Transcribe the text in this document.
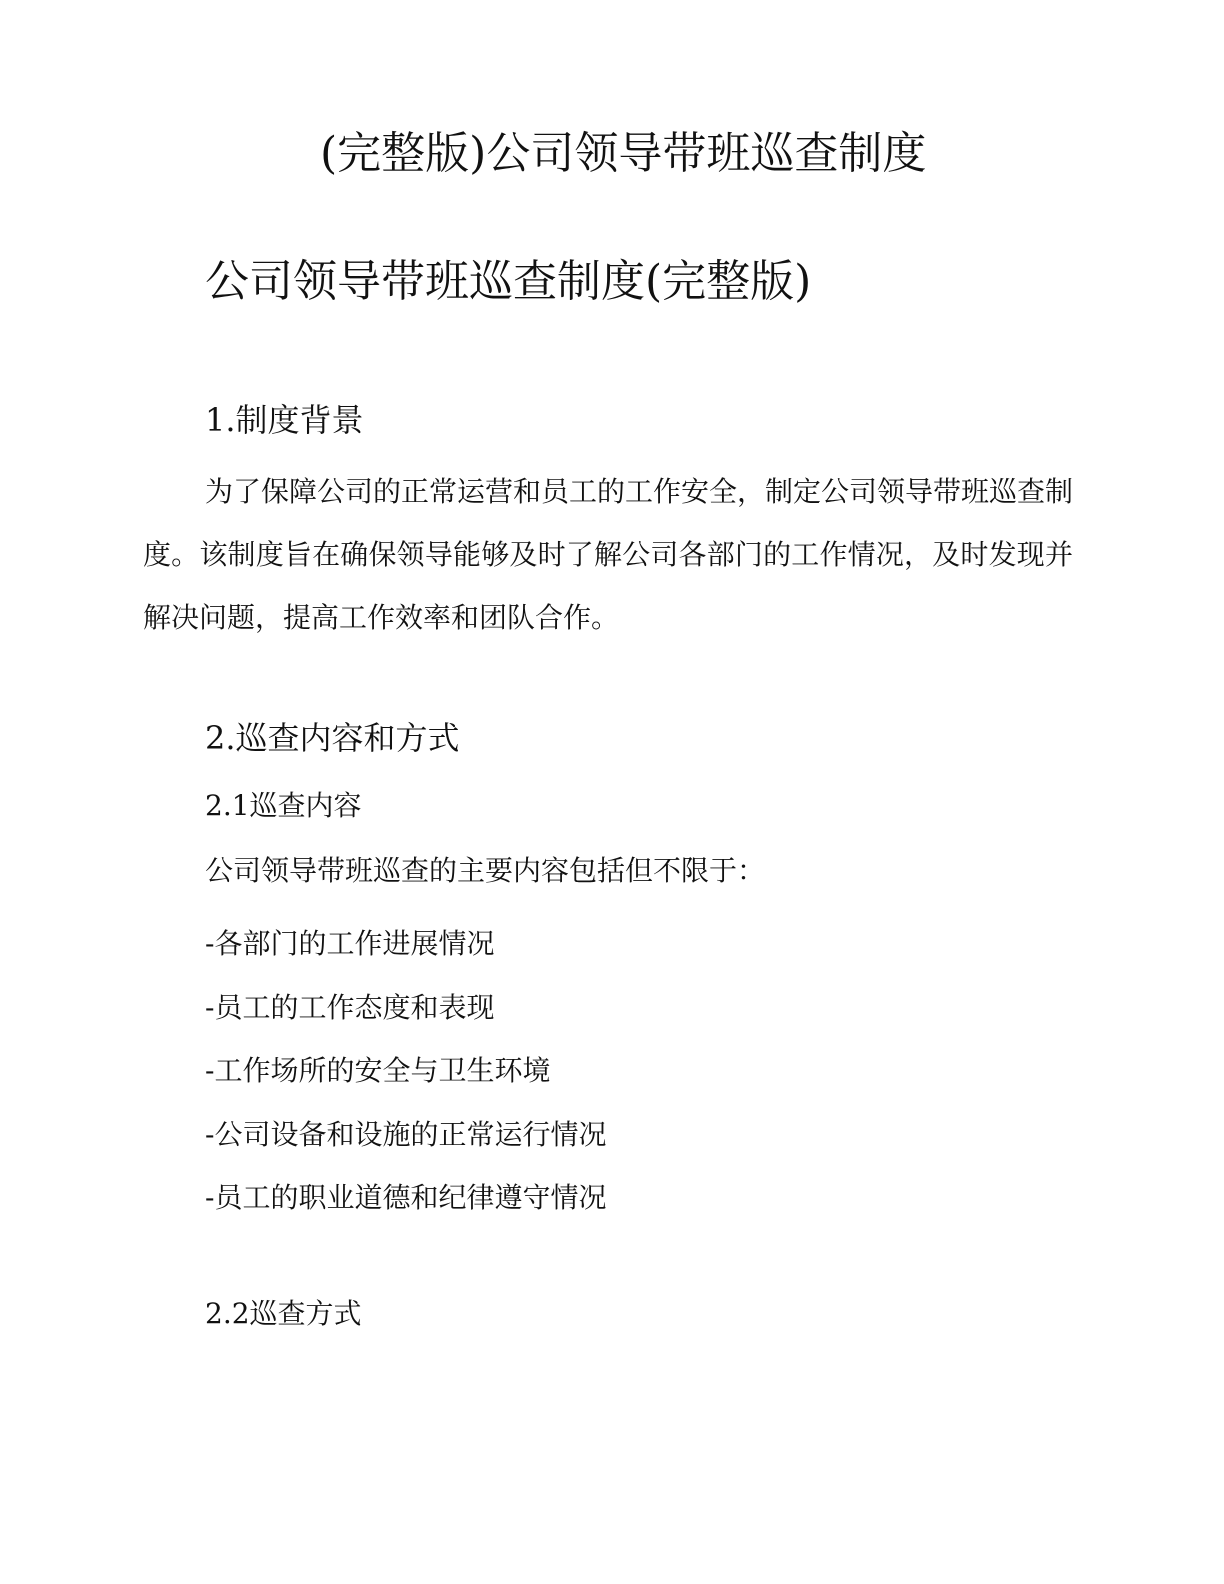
(完整版)公司领导带班巡查制度
公司领导带班巡查制度(完整版)
1.制度背景

为了保障公司的正常运营和员工的工作安全，制定公司领导带班巡查制度。该制度旨在确保领导能够及时了解公司各部门的工作情况，及时发现并解决问题，提高工作效率和团队合作。

2.巡查内容和方式
2.1巡查内容

公司领导带班巡查的主要内容包括但不限于：

-各部门的工作进展情况
-员工的工作态度和表现
-工作场所的安全与卫生环境
-公司设备和设施的正常运行情况
-员工的职业道德和纪律遵守情况
2.2巡查方式
